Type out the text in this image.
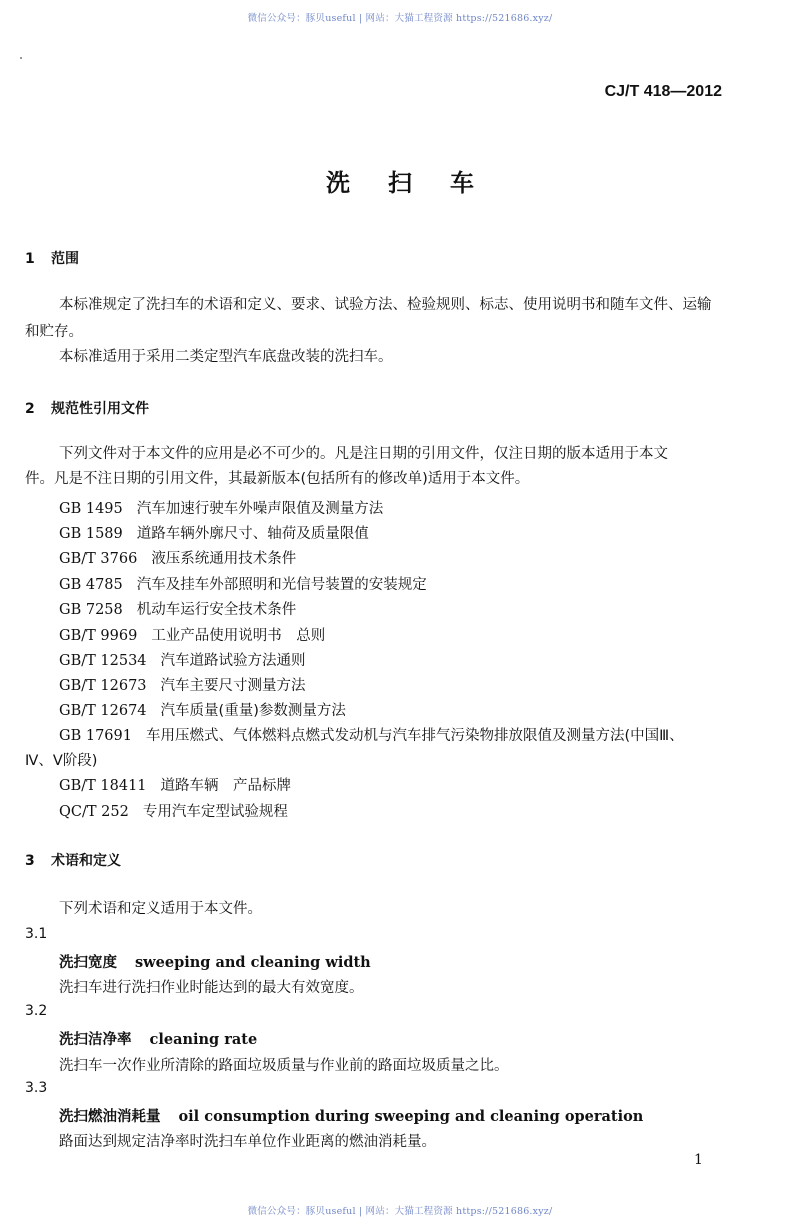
微信公众号：豚贝useful | 网站：大猫工程资源 https://521686.xyz/
CJ/T 418—2012
洗扫车
1 范围
本标准规定了洗扫车的术语和定义、要求、试验方法、检验规则、标志、使用说明书和随车文件、运输
和贮存。
本标准适用于采用二类定型汽车底盘改装的洗扫车。
2 规范性引用文件
下列文件对于本文件的应用是必不可少的。凡是注日期的引用文件，仅注日期的版本适用于本文
件。凡是不注日期的引用文件，其最新版本(包括所有的修改单)适用于本文件。
GB 1495 汽车加速行驶车外噪声限值及测量方法
GB 1589 道路车辆外廓尺寸、轴荷及质量限值
GB/T 3766 液压系统通用技术条件
GB 4785 汽车及挂车外部照明和光信号装置的安装规定
GB 7258 机动车运行安全技术条件
GB/T 9969 工业产品使用说明书　总则
GB/T 12534 汽车道路试验方法通则
GB/T 12673 汽车主要尺寸测量方法
GB/T 12674 汽车质量(重量)参数测量方法
GB 17691 车用压燃式、气体燃料点燃式发动机与汽车排气污染物排放限值及测量方法(中国Ⅲ、
Ⅳ、Ⅴ阶段)
GB/T 18411 道路车辆　产品标牌
QC/T 252 专用汽车定型试验规程
3 术语和定义
下列术语和定义适用于本文件。
3.1
洗扫宽度 sweeping and cleaning width
洗扫车进行洗扫作业时能达到的最大有效宽度。
3.2
洗扫洁净率 cleaning rate
洗扫车一次作业所清除的路面垃圾质量与作业前的路面垃圾质量之比。
3.3
洗扫燃油消耗量 oil consumption during sweeping and cleaning operation
路面达到规定洁净率时洗扫车单位作业距离的燃油消耗量。
1
微信公众号：豚贝useful | 网站：大猫工程资源 https://521686.xyz/
